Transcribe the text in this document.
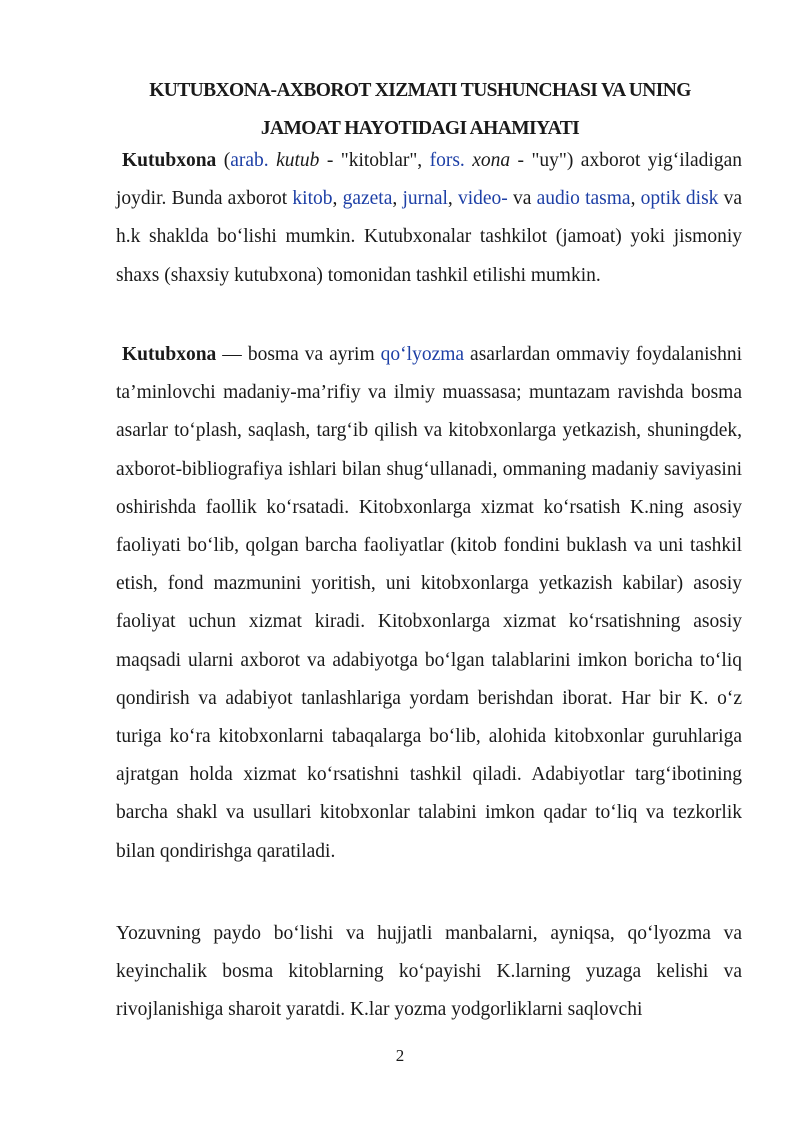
KUTUBXONA-AXBOROT XIZMATI TUSHUNCHASI VA UNING
JAMOAT HAYOTIDAGI AHAMIYATI
Kutubxona (arab. kutub - "kitoblar", fors. xona - "uy") axborot yig‘iladigan joydir. Bunda axborot kitob, gazeta, jurnal, video- va audio tasma, optik disk va h.k shaklda bo‘lishi mumkin. Kutubxonalar tashkilot (jamoat) yoki jismoniy shaxs (shaxsiy kutubxona) tomonidan tashkil etilishi mumkin.
Kutubxona — bosma va ayrim qo‘lyozma asarlardan ommaviy foydalanishni ta’minlovchi madaniy-ma’rifiy va ilmiy muassasa; muntazam ravishda bosma asarlar to‘plash, saqlash, targ‘ib qilish va kitobxonlarga yetkazish, shuningdek, axborot-bibliografiya ishlari bilan shug‘ullanadi, ommaning madaniy saviyasini oshirishda faollik ko‘rsatadi. Kitobxonlarga xizmat ko‘rsatish K.ning asosiy faoliyati bo‘lib, qolgan barcha faoliyatlar (kitob fondini buklash va uni tashkil etish, fond mazmunini yoritish, uni kitobxonlarga yetkazish kabilar) asosiy faoliyat uchun xizmat kiradi. Kitobxonlarga xizmat ko‘rsatishning asosiy maqsadi ularni axborot va adabiyotga bo‘lgan talablarini imkon boricha to‘liq qondirish va adabiyot tanlashlariga yordam berishdan iborat. Har bir K. o‘z turiga ko‘ra kitobxonlarni tabaqalarga bo‘lib, alohida kitobxonlar guruhlariga ajratgan holda xizmat ko‘rsatishni tashkil qiladi. Adabiyotlar targ‘ibotining barcha shakl va usullari kitobxonlar talabini imkon qadar to‘liq va tezkorlik bilan qondirishga qaratiladi.
Yozuvning paydo bo‘lishi va hujjatli manbalarni, ayniqsa, qo‘lyozma va keyinchalik bosma kitoblarning ko‘payishi K.larning yuzaga kelishi va rivojlanishiga sharoit yaratdi. K.lar yozma yodgorliklarni saqlovchi
2
